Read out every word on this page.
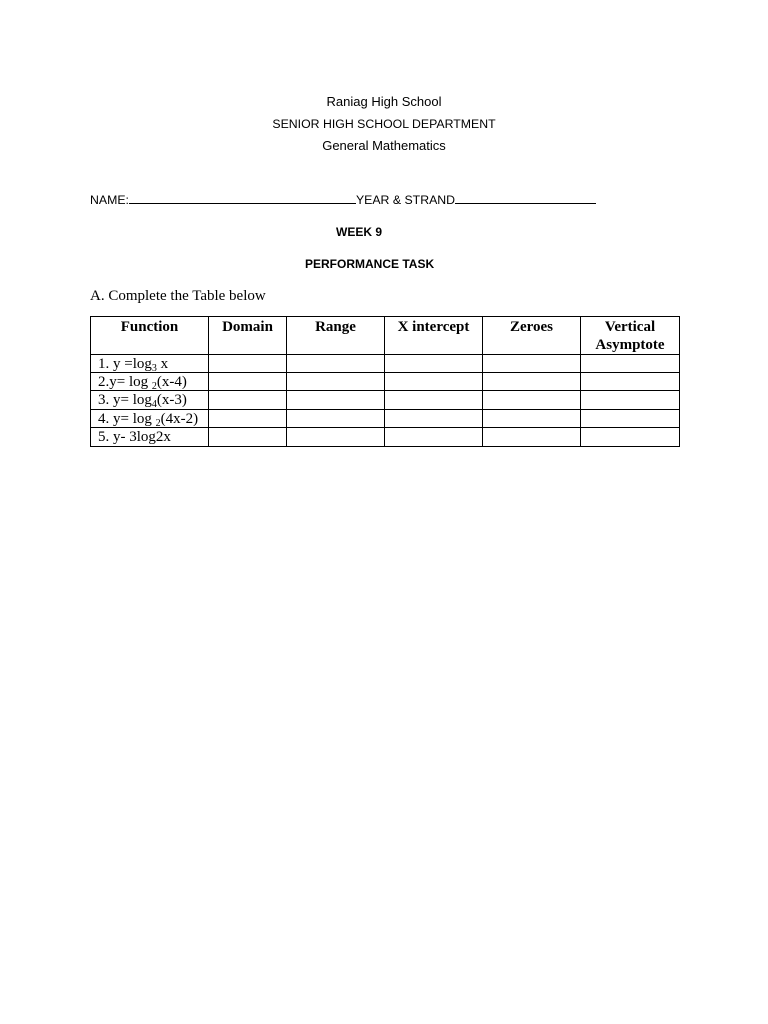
Raniag High School
SENIOR HIGH SCHOOL DEPARTMENT
General Mathematics
NAME:	YEAR & STRAND
WEEK 9
PERFORMANCE TASK
A. Complete the Table below
Function	Domain	Range	X intercept	Zeroes	Vertical Asymptote
1. $y =\log_3$ x					
2.y= log $_2$(x-4)					
3. $y= \log_4(x-3)$					
4. y= log $_2$(4x-2)					
5. y- 3log2x					
